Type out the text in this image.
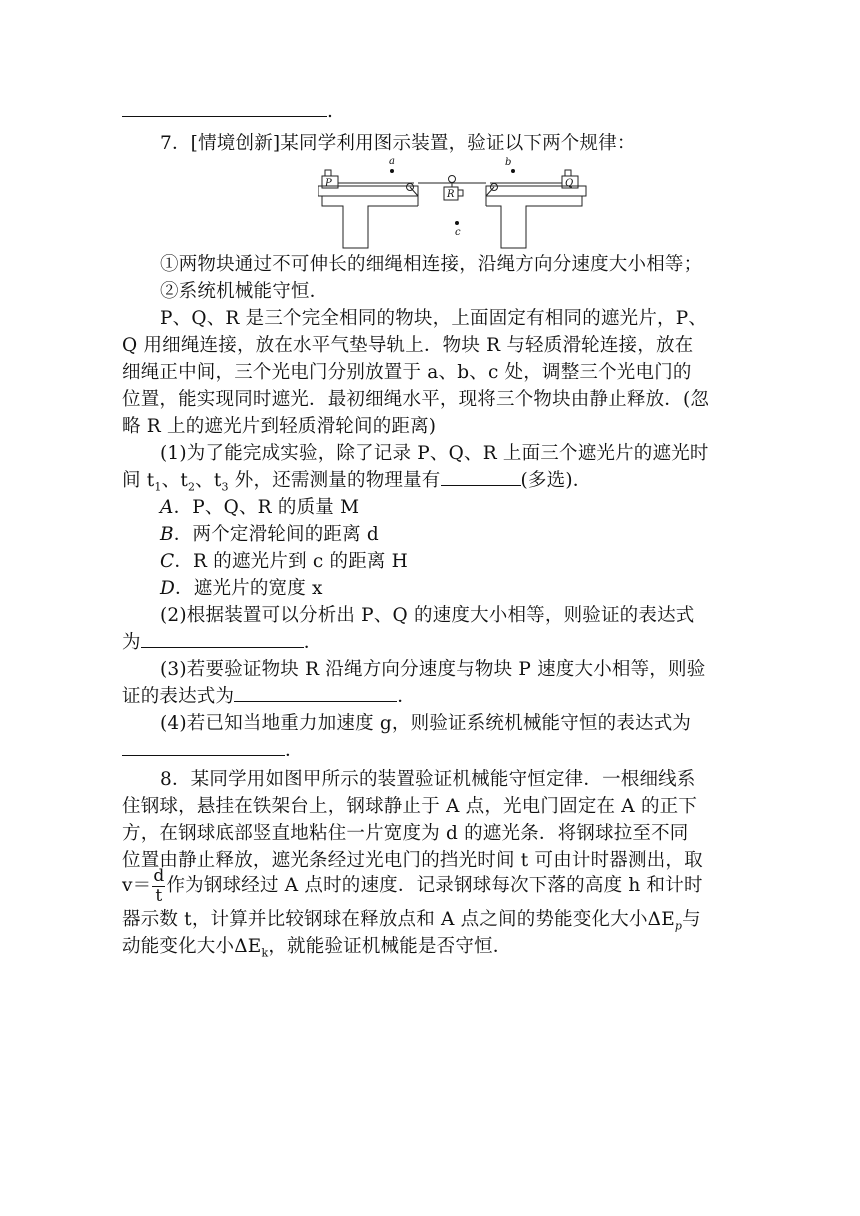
.
7．[情境创新]某同学利用图示装置，验证以下两个规律：
a	b
c
P	Q
R
①两物块通过不可伸长的细绳相连接，沿绳方向分速度大小相等；
②系统机械能守恒．
P、Q、R 是三个完全相同的物块，上面固定有相同的遮光片，P、
Q 用细绳连接，放在水平气垫导轨上．物块 R 与轻质滑轮连接，放在
细绳正中间，三个光电门分别放置于 a、b、c 处，调整三个光电门的
位置，能实现同时遮光．最初细绳水平，现将三个物块由静止释放．(忽
略 R 上的遮光片到轻质滑轮间的距离)
(1)为了能完成实验，除了记录 P、Q、R 上面三个遮光片的遮光时
间 $t_1$、$t_2$、$t_3$ 外，还需测量的物理量有	(多选)．
A．P、Q、R 的质量 M
B．两个定滑轮间的距离 d
C．R 的遮光片到 c 的距离 H
D．遮光片的宽度 x
(2)根据装置可以分析出 P、Q 的速度大小相等，则验证的表达式
为	．
(3)若要验证物块 R 沿绳方向分速度与物块 P 速度大小相等，则验
证的表达式为	．
(4)若已知当地重力加速度 g，则验证系统机械能守恒的表达式为
．
8．某同学用如图甲所示的装置验证机械能守恒定律．一根细线系
住钢球，悬挂在铁架台上，钢球静止于 A 点，光电门固定在 A 的正下
方，在钢球底部竖直地粘住一片宽度为 d 的遮光条．将钢球拉至不同
位置由静止释放，遮光条经过光电门的挡光时间 t 可由计时器测出，取
$v= \frac{d}{t}$ 作为钢球经过 A 点时的速度．记录钢球每次下落的高度 h 和计时
器示数 t，计算并比较钢球在释放点和 A 点之间的势能变化大小$\Delta E_p$与
动能变化大小$\Delta E_k$，就能验证机械能是否守恒．
